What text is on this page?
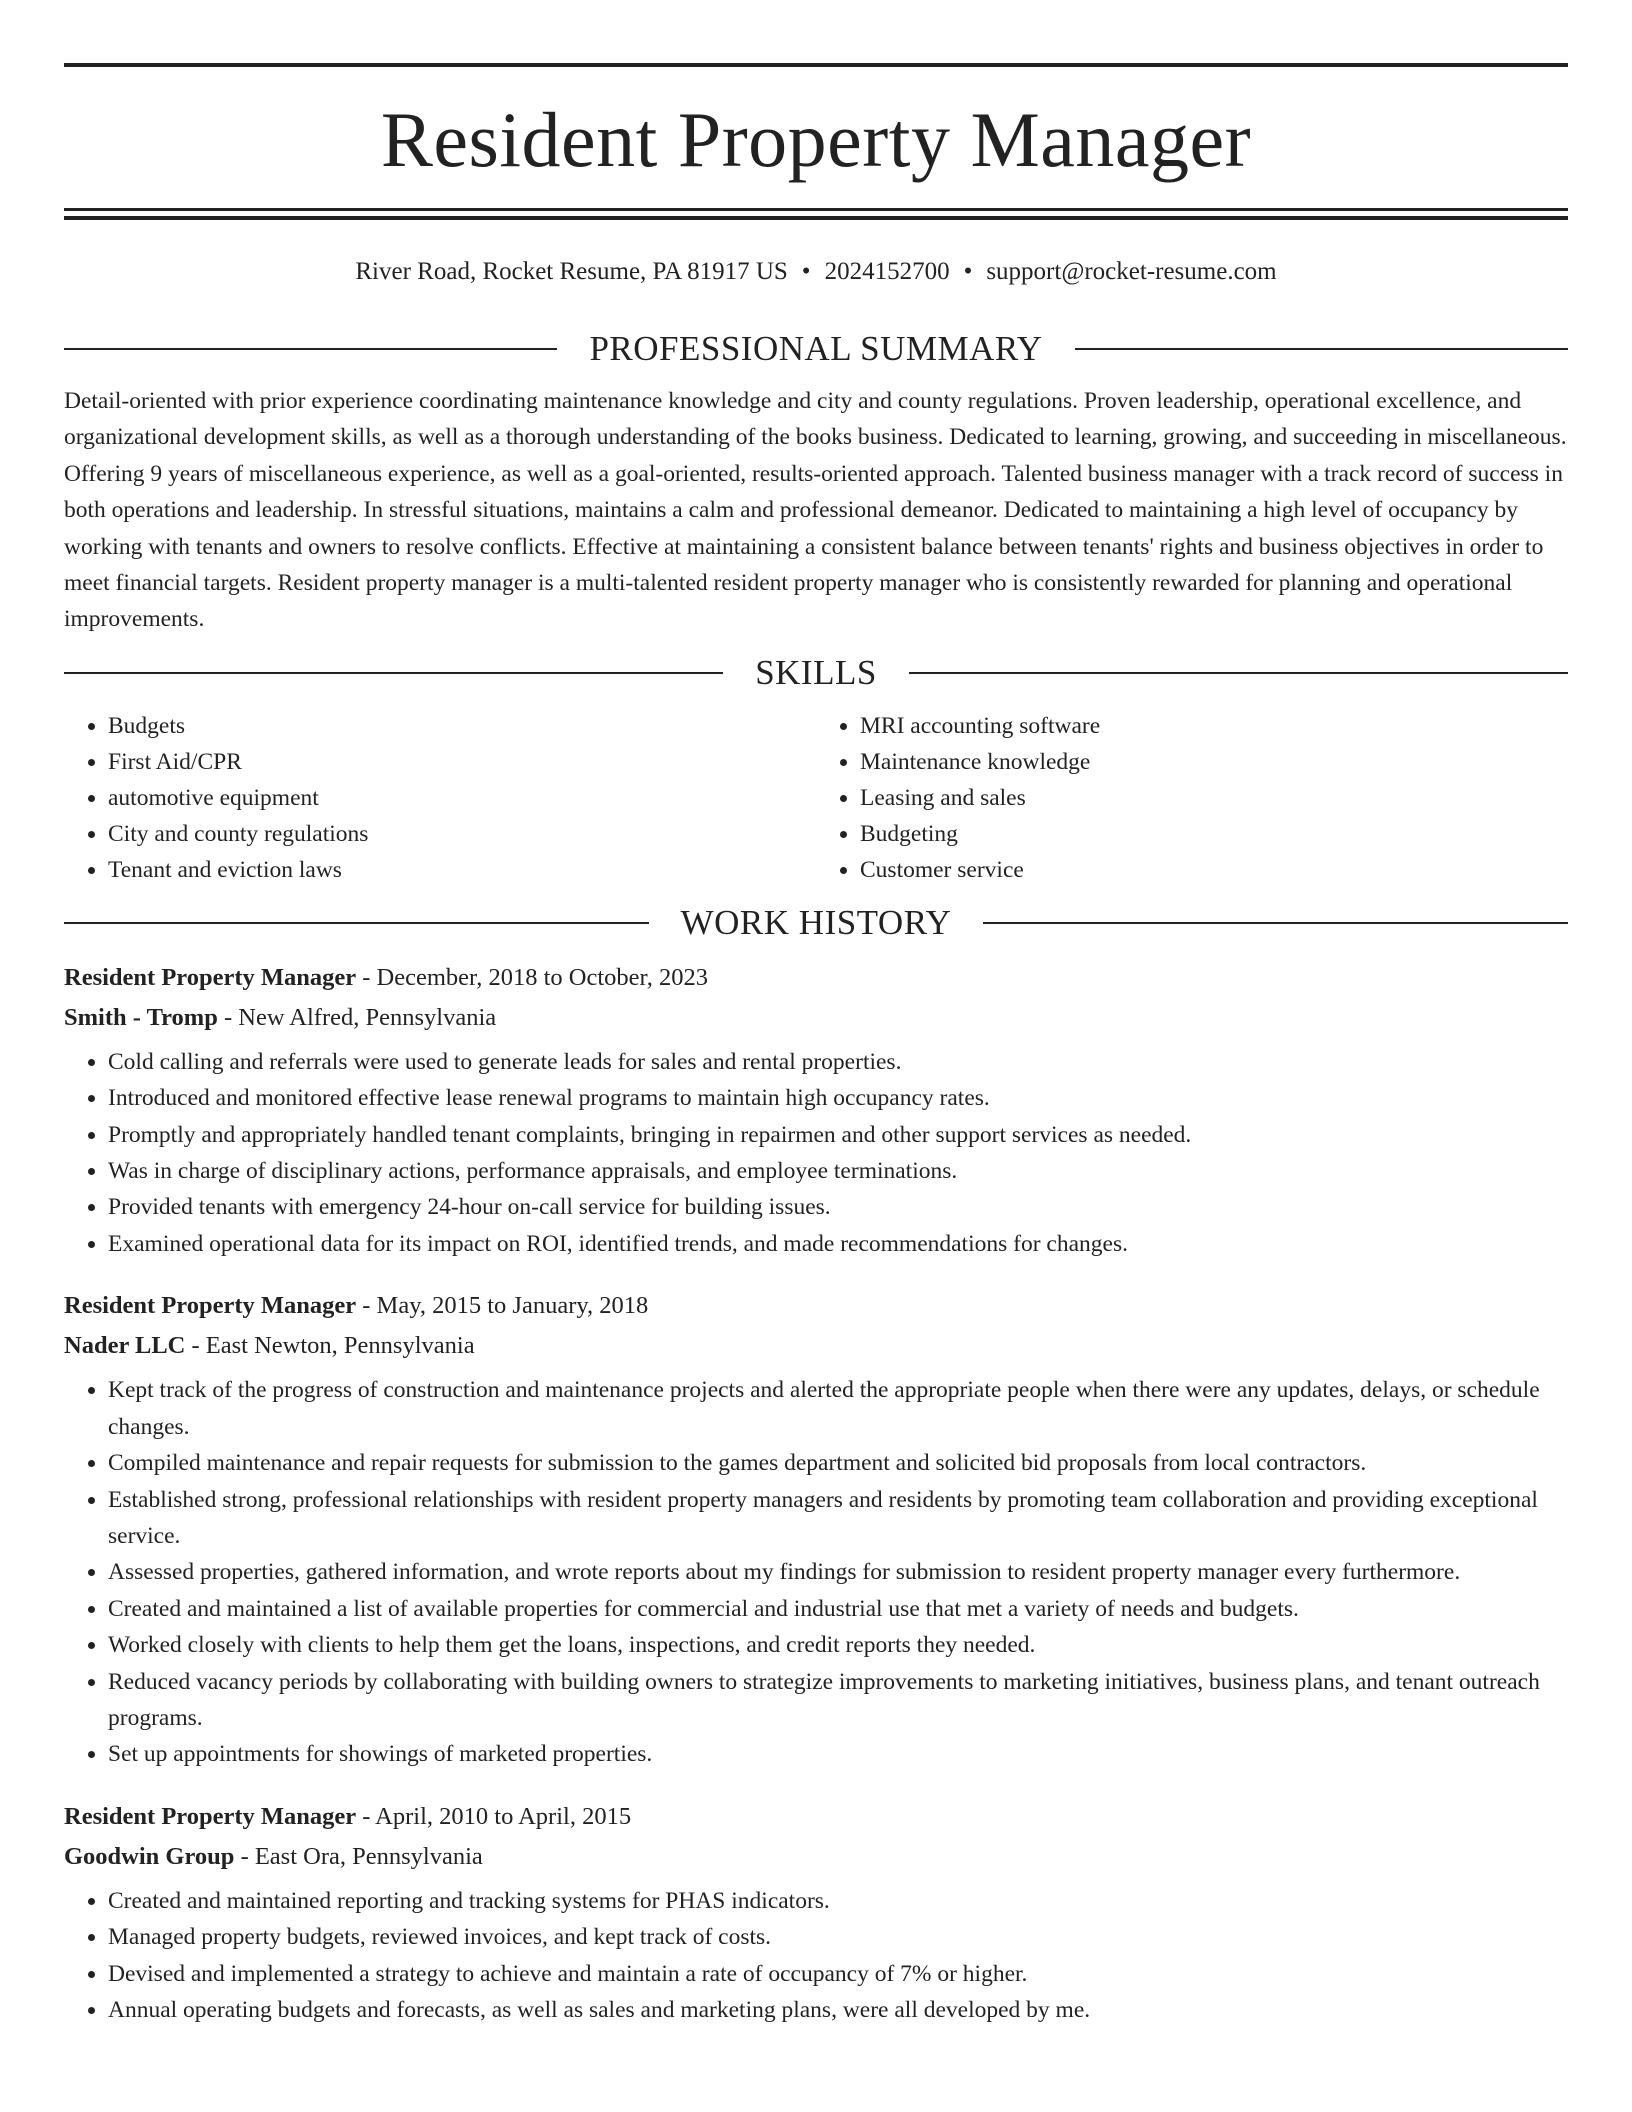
Resident Property Manager
River Road, Rocket Resume, PA 81917 US • 2024152700 • support@rocket-resume.com
PROFESSIONAL SUMMARY

Detail-oriented with prior experience coordinating maintenance knowledge and city and county regulations. Proven leadership, operational excellence, and organizational development skills, as well as a thorough understanding of the books business. Dedicated to learning, growing, and succeeding in miscellaneous. Offering 9 years of miscellaneous experience, as well as a goal-oriented, results-oriented approach. Talented business manager with a track record of success in both operations and leadership. In stressful situations, maintains a calm and professional demeanor. Dedicated to maintaining a high level of occupancy by working with tenants and owners to resolve conflicts. Effective at maintaining a consistent balance between tenants' rights and business objectives in order to meet financial targets. Resident property manager is a multi-talented resident property manager who is consistently rewarded for planning and operational improvements.

SKILLS
• Budgets
• First Aid/CPR
• automotive equipment
• City and county regulations
• Tenant and eviction laws
• MRI accounting software
• Maintenance knowledge
• Leasing and sales
• Budgeting
• Customer service
WORK HISTORY
Resident Property Manager - December, 2018 to October, 2023
Smith - Tromp - New Alfred, Pennsylvania
• Cold calling and referrals were used to generate leads for sales and rental properties.
• Introduced and monitored effective lease renewal programs to maintain high occupancy rates.
• Promptly and appropriately handled tenant complaints, bringing in repairmen and other support services as needed.
• Was in charge of disciplinary actions, performance appraisals, and employee terminations.
• Provided tenants with emergency 24-hour on-call service for building issues.
• Examined operational data for its impact on ROI, identified trends, and made recommendations for changes.
Resident Property Manager - May, 2015 to January, 2018
Nader LLC - East Newton, Pennsylvania
• Kept track of the progress of construction and maintenance projects and alerted the appropriate people when there were any updates, delays, or schedule changes.
• Compiled maintenance and repair requests for submission to the games department and solicited bid proposals from local contractors.
• Established strong, professional relationships with resident property managers and residents by promoting team collaboration and providing exceptional service.
• Assessed properties, gathered information, and wrote reports about my findings for submission to resident property manager every furthermore.
• Created and maintained a list of available properties for commercial and industrial use that met a variety of needs and budgets.
• Worked closely with clients to help them get the loans, inspections, and credit reports they needed.
• Reduced vacancy periods by collaborating with building owners to strategize improvements to marketing initiatives, business plans, and tenant outreach programs.
• Set up appointments for showings of marketed properties.
Resident Property Manager - April, 2010 to April, 2015
Goodwin Group - East Ora, Pennsylvania
• Created and maintained reporting and tracking systems for PHAS indicators.
• Managed property budgets, reviewed invoices, and kept track of costs.
• Devised and implemented a strategy to achieve and maintain a rate of occupancy of 7% or higher.
• Annual operating budgets and forecasts, as well as sales and marketing plans, were all developed by me.
